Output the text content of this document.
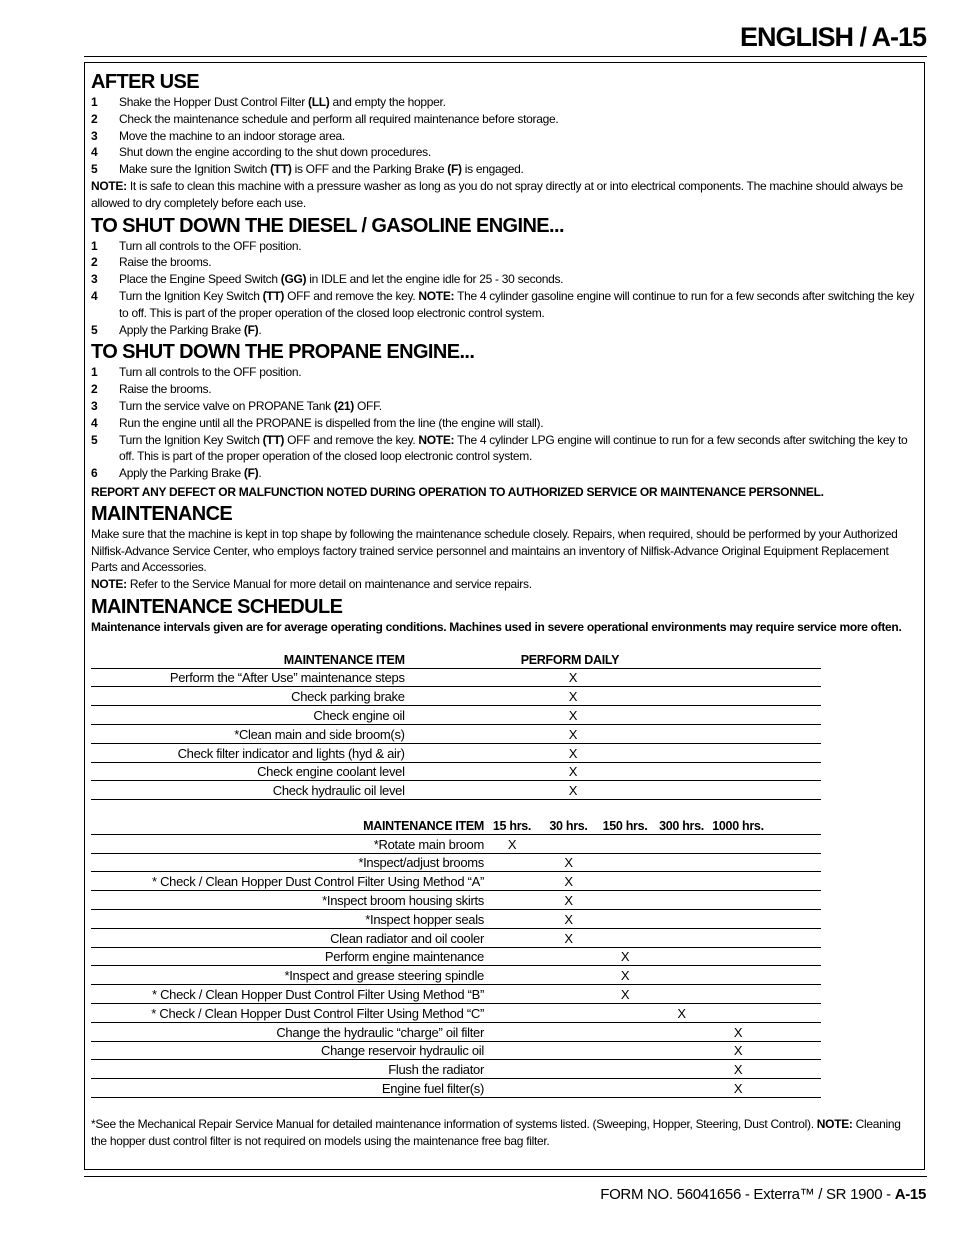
ENGLISH / A-15
AFTER USE
1	Shake the Hopper Dust Control Filter (LL) and empty the hopper.
2	Check the maintenance schedule and perform all required maintenance before storage.
3	Move the machine to an indoor storage area.
4	Shut down the engine according to the shut down procedures.
5	Make sure the Ignition Switch (TT) is OFF and the Parking Brake (F) is engaged.

NOTE: It is safe to clean this machine with a pressure washer as long as you do not spray directly at or into electrical components. The machine should always be allowed to dry completely before each use.

TO SHUT DOWN THE DIESEL / GASOLINE ENGINE...
1	Turn all controls to the OFF position.
2	Raise the brooms.
3	Place the Engine Speed Switch (GG) in IDLE and let the engine idle for 25 - 30 seconds.
4	Turn the Ignition Key Switch (TT) OFF and remove the key. NOTE: The 4 cylinder gasoline engine will continue to run for a few seconds after switching the key to off. This is part of the proper operation of the closed loop electronic control system.
5	Apply the Parking Brake (F).
TO SHUT DOWN THE PROPANE ENGINE...
1	Turn all controls to the OFF position.
2	Raise the brooms.
3	Turn the service valve on PROPANE Tank (21) OFF.
4	Run the engine until all the PROPANE is dispelled from the line (the engine will stall).
5	Turn the Ignition Key Switch (TT) OFF and remove the key. NOTE: The 4 cylinder LPG engine will continue to run for a few seconds after switching the key to off. This is part of the proper operation of the closed loop electronic control system.
6	Apply the Parking Brake (F).

REPORT ANY DEFECT OR MALFUNCTION NOTED DURING OPERATION TO AUTHORIZED SERVICE OR MAINTENANCE PERSONNEL.

MAINTENANCE

Make sure that the machine is kept in top shape by following the maintenance schedule closely. Repairs, when required, should be performed by your Authorized Nilfisk-Advance Service Center, who employs factory trained service personnel and maintains an inventory of Nilfisk-Advance Original Equipment Replacement Parts and Accessories.

NOTE: Refer to the Service Manual for more detail on maintenance and service repairs.

MAINTENANCE SCHEDULE

Maintenance intervals given are for average operating conditions. Machines used in severe operational environments may require service more often.

MAINTENANCE ITEM	PERFORM DAILY
Perform the “After Use” maintenance steps	X
Check parking brake	X
Check engine oil	X
*Clean main and side broom(s)	X
Check filter indicator and lights (hyd & air)	X
Check engine coolant level	X
Check hydraulic oil level	X
MAINTENANCE ITEM	15 hrs.	30 hrs.	150 hrs.	300 hrs.	1000 hrs.	
*Rotate main broom	X					
*Inspect/adjust brooms		X				
* Check / Clean Hopper Dust Control Filter Using Method “A”		X				
*Inspect broom housing skirts		X				
*Inspect hopper seals		X				
Clean radiator and oil cooler		X				
Perform engine maintenance			X			
*Inspect and grease steering spindle			X			
* Check / Clean Hopper Dust Control Filter Using Method “B”			X			
* Check / Clean Hopper Dust Control Filter Using Method “C”				X		
Change the hydraulic “charge” oil filter					X	
Change reservoir hydraulic oil					X	
Flush the radiator					X	
Engine fuel filter(s)					X	

*See the Mechanical Repair Service Manual for detailed maintenance information of systems listed. (Sweeping, Hopper, Steering, Dust Control). NOTE: Cleaning the hopper dust control filter is not required on models using the maintenance free bag filter.

FORM NO. 56041656 - Exterra™ / SR 1900 - A-15
